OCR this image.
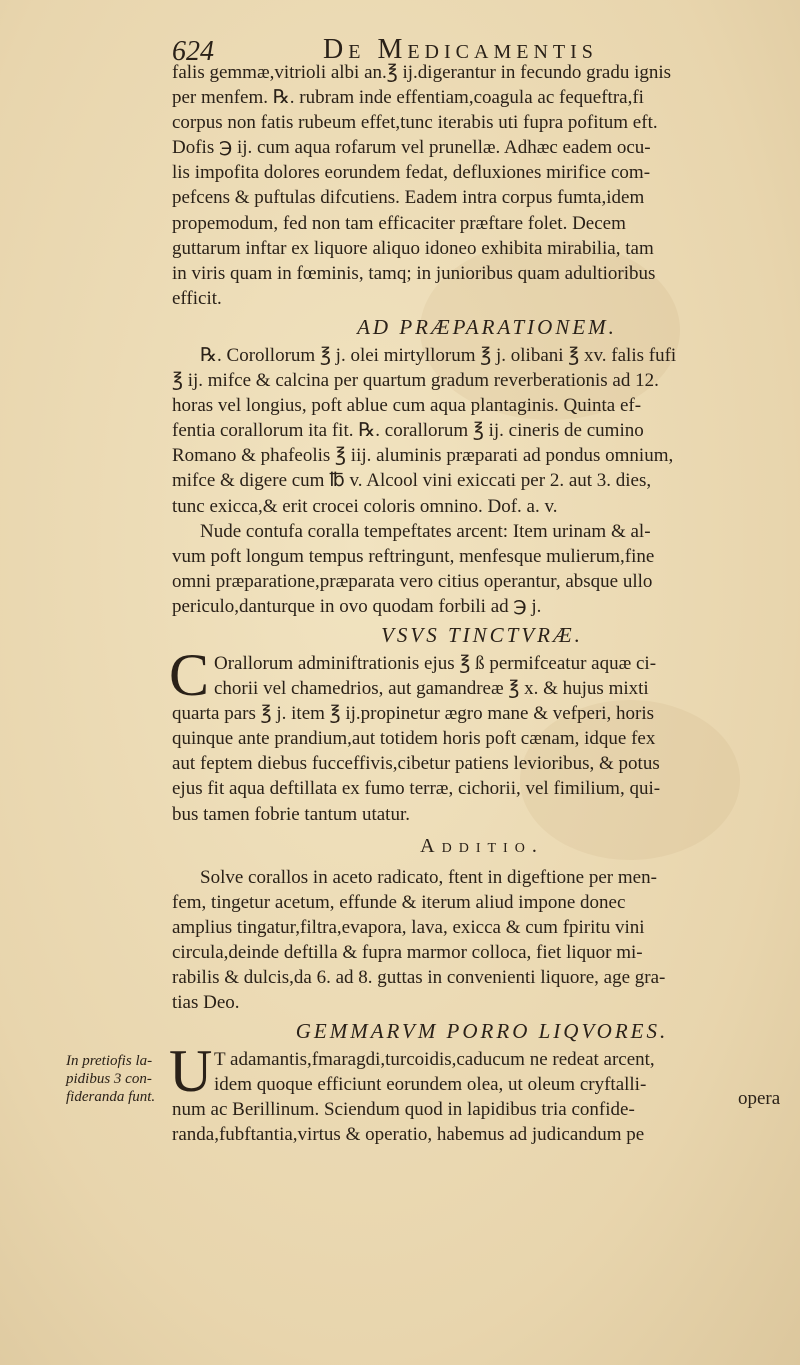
624	De Medicamentis
falis gemmæ,vitrioli albi an.℥ ij.digerantur in fecundo gradu ignis
per menfem. ℞. rubram inde effentiam,coagula ac fequeftra,fi
corpus non fatis rubeum effet,tunc iterabis uti fupra pofitum eft.
Dofis ℈ ij. cum aqua rofarum vel prunellæ. Adhæc eadem ocu-
lis impofita dolores eorundem fedat, defluxiones mirifice com-
pefcens & puftulas difcutiens. Eadem intra corpus fumta,idem
propemodum, fed non tam efficaciter præftare folet. Decem
guttarum inftar ex liquore aliquo idoneo exhibita mirabilia, tam
in viris quam in fœminis, tamq; in junioribus quam adultioribus
efficit.
AD PRÆPARATIONEM.
℞. Corollorum ℥ j. olei mirtyllorum ℥ j. olibani ℥ xv. falis fufi
℥ ij. mifce & calcina per quartum gradum reverberationis ad 12.
horas vel longius, poft ablue cum aqua plantaginis. Quinta ef-
fentia corallorum ita fit. ℞. corallorum ℥ ij. cineris de cumino
Romano & phafeolis ℥ iij. aluminis præparati ad pondus omnium,
mifce & digere cum ℔ v. Alcool vini exiccati per 2. aut 3. dies,
tunc exicca,& erit crocei coloris omnino. Dof. a. v.
Nude contufa coralla tempeftates arcent: Item urinam & al-
vum poft longum tempus reftringunt, menfesque mulierum,fine
omni præparatione,præparata vero citius operantur, absque ullo
periculo,danturque in ovo quodam forbili ad ℈ j.
VSVS TINCTVRÆ.
C Orallorum adminiftrationis ejus ℥ ß permifceatur aquæ ci-
chorii vel chamedrios, aut gamandreæ ℥ x. & hujus mixti
quarta pars ℥ j. item ℥ ij.propinetur ægro mane & vefperi, horis
quinque ante prandium,aut totidem horis poft cænam, idque fex
aut feptem diebus fucceffivis,cibetur patiens levioribus, & potus
ejus fit aqua deftillata ex fumo terræ, cichorii, vel fimilium, qui-
bus tamen fobrie tantum utatur.
Additio.
Solve corallos in aceto radicato, ftent in digeftione per men-
fem, tingetur acetum, effunde & iterum aliud impone donec
amplius tingatur,filtra,evapora, lava, exicca & cum fpiritu vini
circula,deinde deftilla & fupra marmor colloca, fiet liquor mi-
rabilis & dulcis,da 6. ad 8. guttas in convenienti liquore, age gra-
tias Deo.
GEMMARVM PORRO LIQVORES.
U T adamantis,fmaragdi,turcoidis,caducum ne redeat arcent,
idem quoque efficiunt eorundem olea, ut oleum cryftalli-
num ac Berillinum. Sciendum quod in lapidibus tria confide-
randa,fubftantia,virtus & operatio, habemus ad judicandum pe
In pretiofis la-
pidibus 3 con-
fideranda funt.	opera
